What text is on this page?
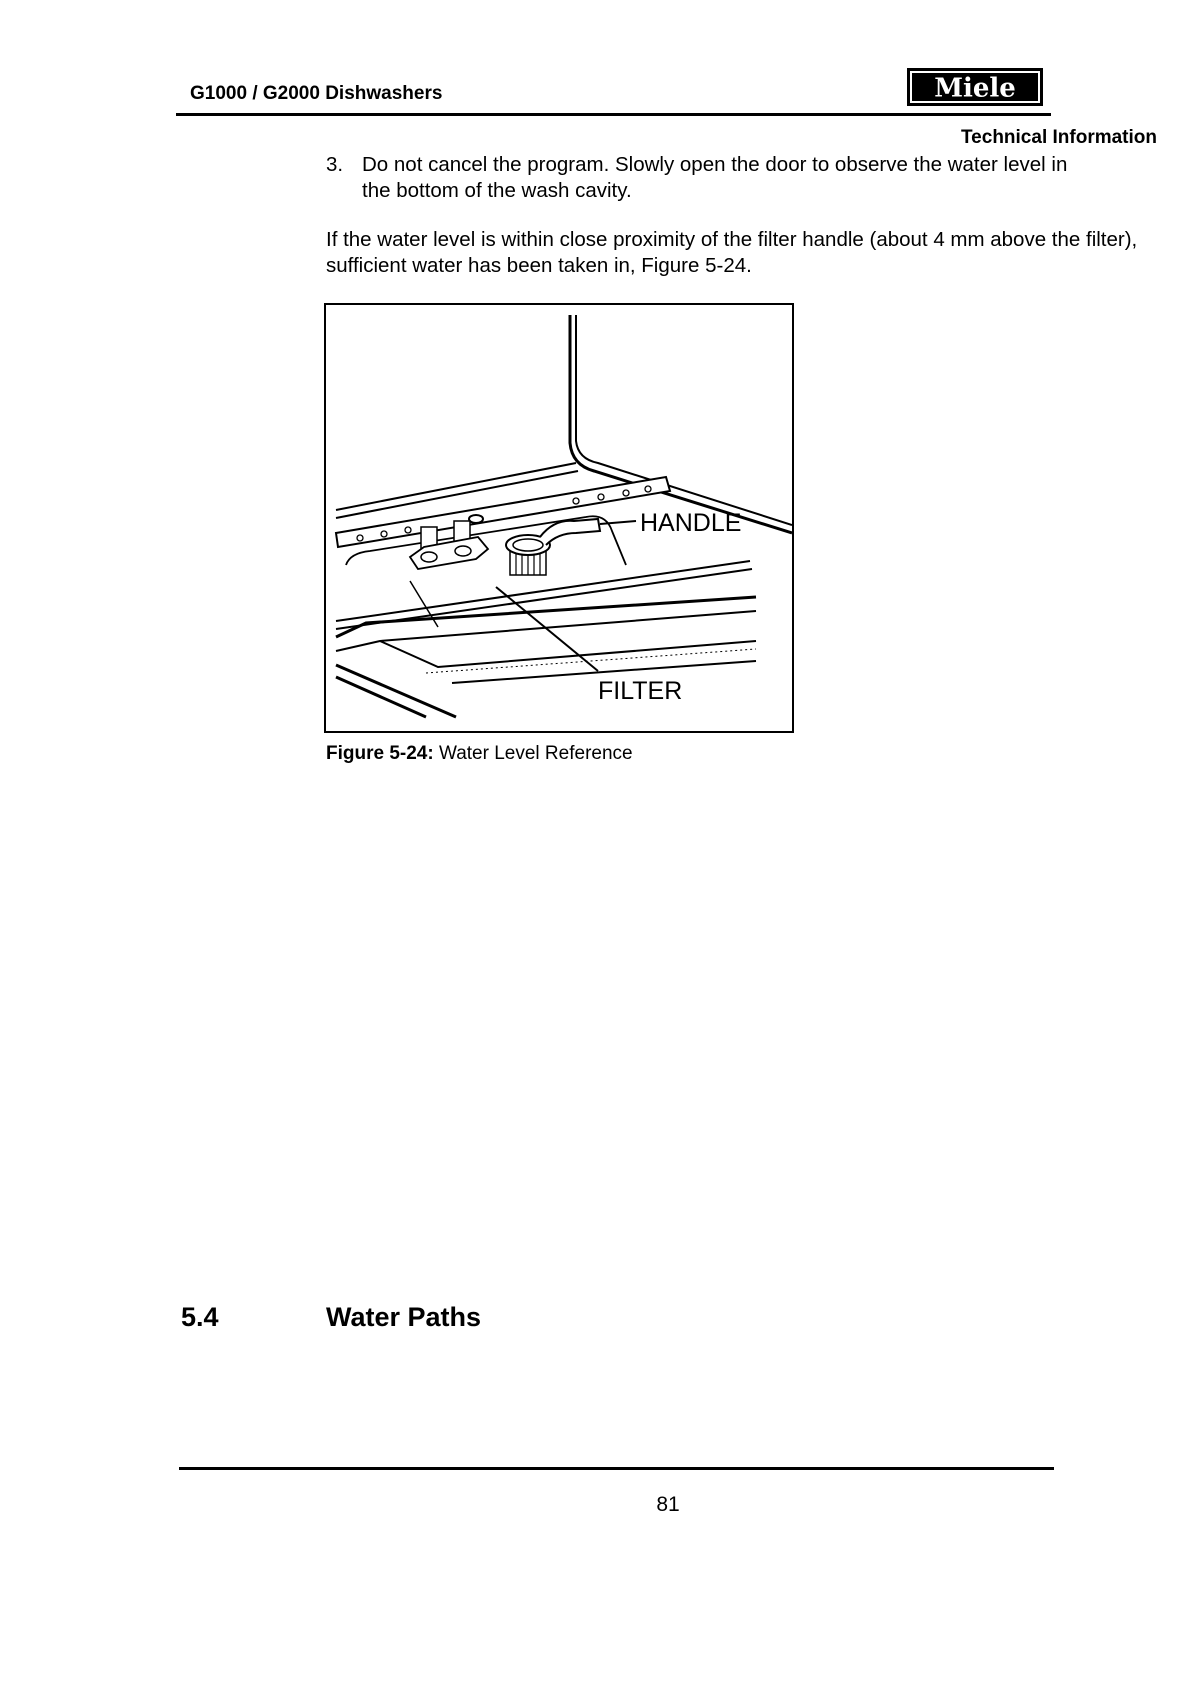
G1000 / G2000 Dishwashers	Miele
Technical Information
3. Do not cancel the program. Slowly open the door to observe the water level in the bottom of the wash cavity.
If the water level is within close proximity of the filter handle (about 4 mm above the filter), sufficient water has been taken in, Figure 5-24.
HANDLE
FILTER
Figure 5-24: Water Level Reference
5.4	Water Paths
81
